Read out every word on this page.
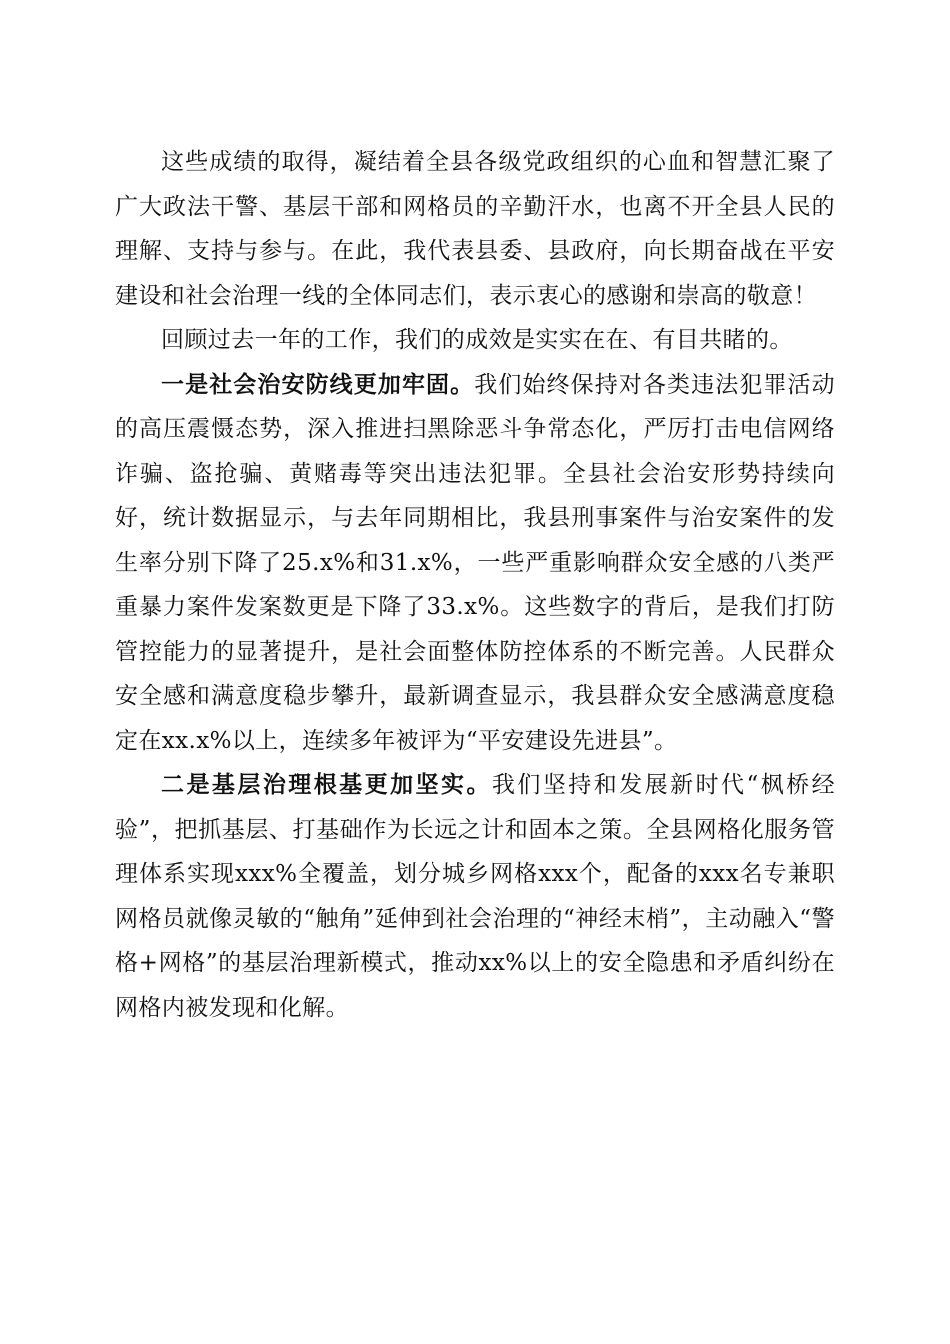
这些成绩的取得，凝结着全县各级党政组织的心血和智慧汇聚了广大政法干警、基层干部和网格员的辛勤汗水，也离不开全县人民的理解、支持与参与。在此，我代表县委、县政府，向长期奋战在平安建设和社会治理一线的全体同志们，表示衷心的感谢和崇高的敬意！

回顾过去一年的工作，我们的成效是实实在在、有目共睹的。

一是社会治安防线更加牢固。我们始终保持对各类违法犯罪活动的高压震慑态势，深入推进扫黑除恶斗争常态化，严厉打击电信网络诈骗、盗抢骗、黄赌毒等突出违法犯罪。全县社会治安形势持续向好，统计数据显示，与去年同期相比，我县刑事案件与治安案件的发生率分别下降了25.x%和31.x%，一些严重影响群众安全感的八类严重暴力案件发案数更是下降了33.x%。这些数字的背后，是我们打防管控能力的显著提升，是社会面整体防控体系的不断完善。人民群众安全感和满意度稳步攀升，最新调查显示，我县群众安全感满意度稳定在xx.x%以上，连续多年被评为“平安建设先进县”。

二是基层治理根基更加坚实。我们坚持和发展新时代“枫桥经验”，把抓基层、打基础作为长远之计和固本之策。全县网格化服务管理体系实现xxx%全覆盖，划分城乡网格xxx个，配备的xxx名专兼职网格员就像灵敏的“触角”延伸到社会治理的“神经末梢”，主动融入“警格+网格”的基层治理新模式，推动xx%以上的安全隐患和矛盾纠纷在网格内被发现和化解。
